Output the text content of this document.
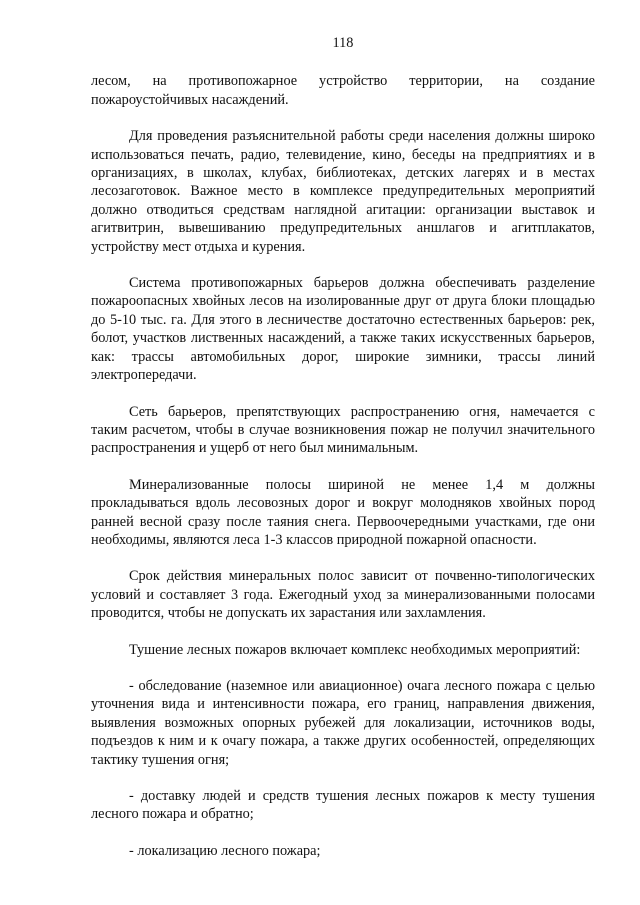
118

лесом, на противопожарное устройство территории, на создание пожароустойчивых насаждений.

Для проведения разъяснительной работы среди населения должны широко использоваться печать, радио, телевидение, кино, беседы на предприятиях и в организациях, в школах, клубах, библиотеках, детских лагерях и в местах лесозаготовок. Важное место в комплексе предупредительных мероприятий должно отводиться средствам наглядной агитации: организации выставок и агитвитрин, вывешиванию предупредительных аншлагов и агитплакатов, устройству мест отдыха и курения.

Система противопожарных барьеров должна обеспечивать разделение пожароопасных хвойных лесов на изолированные друг от друга блоки площадью до 5-10 тыс. га. Для этого в лесничестве достаточно естественных барьеров: рек, болот, участков лиственных насаждений, а также таких искусственных барьеров, как: трассы автомобильных дорог, широкие зимники, трассы линий электропередачи.

Сеть барьеров, препятствующих распространению огня, намечается с таким расчетом, чтобы в случае возникновения пожар не получил значительного распространения и ущерб от него был минимальным.

Минерализованные полосы шириной не менее 1,4 м должны прокладываться вдоль лесовозных дорог и вокруг молодняков хвойных пород ранней весной сразу после таяния снега. Первоочередными участками, где они необходимы, являются леса 1-3 классов природной пожарной опасности.

Срок действия минеральных полос зависит от почвенно-типологических условий и составляет 3 года. Ежегодный уход за минерализованными полосами проводится, чтобы не допускать их зарастания или захламления.

Тушение лесных пожаров включает комплекс необходимых мероприятий:

- обследование (наземное или авиационное) очага лесного пожара с целью уточнения вида и интенсивности пожара, его границ, направления движения, выявления возможных опорных рубежей для локализации, источников воды, подъездов к ним и к очагу пожара, а также других особенностей, определяющих тактику тушения огня;

- доставку людей и средств тушения лесных пожаров к месту тушения лесного пожара и обратно;

- локализацию лесного пожара;
